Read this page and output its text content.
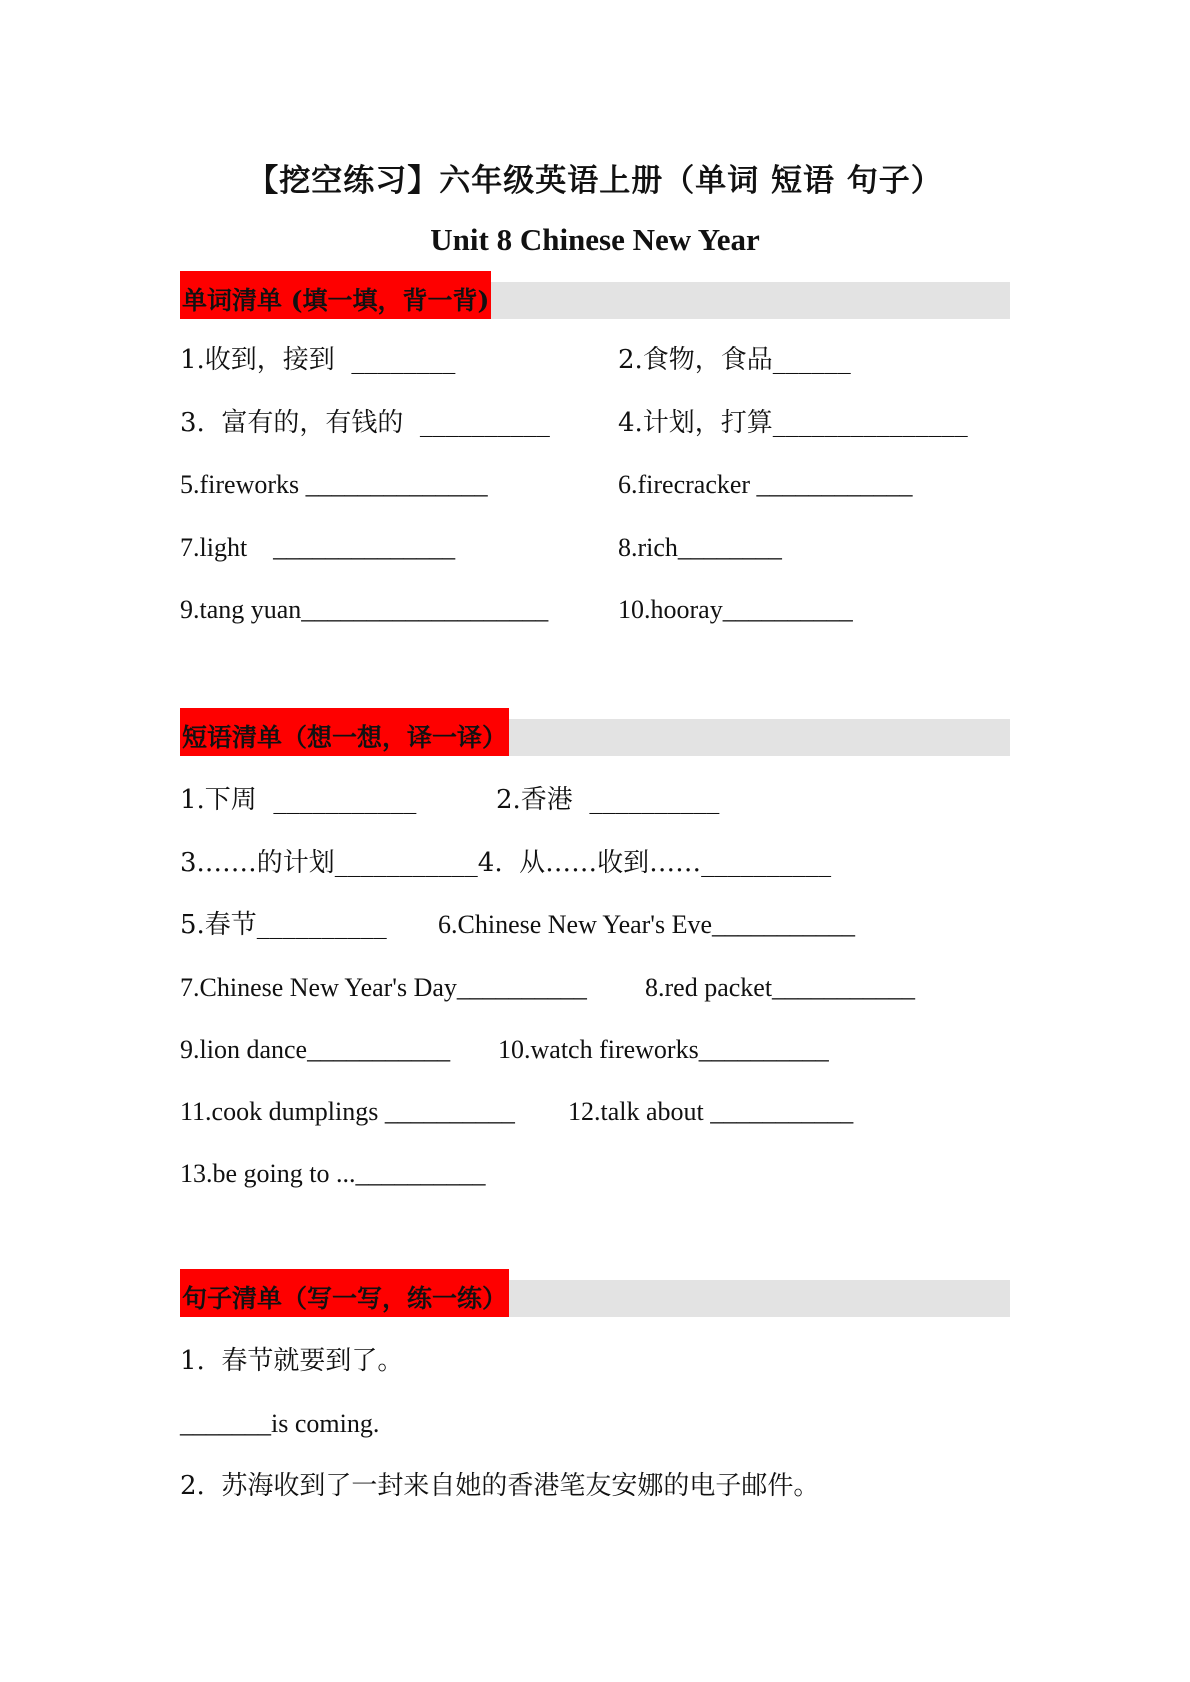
【挖空练习】六年级英语上册（单词 短语 句子）
Unit 8 Chinese New Year
单词清单 (填一填，背一背)
1.收到，接到  ________	2.食物，食品______
3.  富有的，有钱的  __________	4.计划，打算_______________
5.fireworks ______________	6.firecracker ____________
7.light    ______________	8.rich________
9.tang yuan___________________	10.hooray__________
短语清单（想一想，译一译）
1.下周  ___________	2.香港  __________
3.……的计划___________4.  从……收到……__________
5.春节__________ 6.Chinese New Year's Eve___________
7.Chinese New Year's Day__________ 8.red packet___________
9.lion dance___________ 10.watch fireworks__________
11.cook dumplings __________ 12.talk about ___________
13.be going to ...__________
句子清单（写一写，练一练）
1.  春节就要到了。
_______is coming.
2.  苏海收到了一封来自她的香港笔友安娜的电子邮件。
